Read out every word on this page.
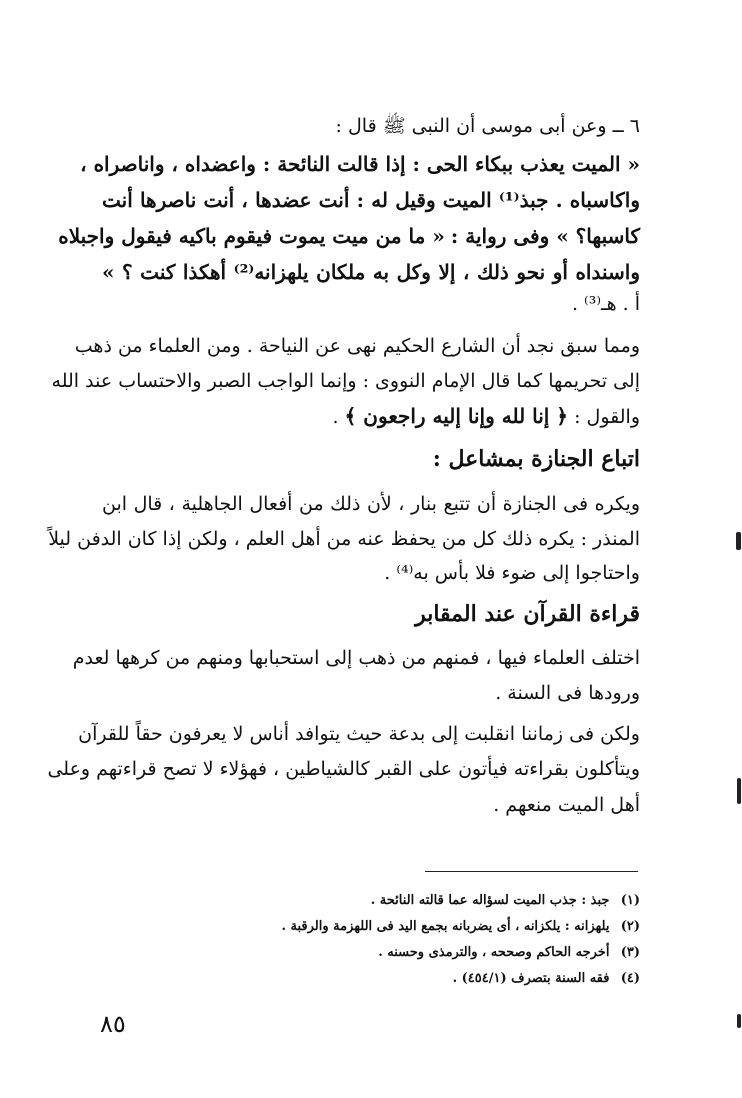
٦ ــ وعن أبى موسى أن النبى ﷺ قال :
« الميت يعذب ببكاء الحى : إذا قالت النائحة : واعضداه ، واناصراه ،
واكاسباه . جبذ⁽¹⁾ الميت وقيل له : أنت عضدها ، أنت ناصرها أنت
كاسبها؟ » وفى رواية : « ما من ميت يموت فيقوم باكيه فيقول واجبلاه
واسنداه أو نحو ذلك ، إلا وكل به ملكان يلهزانه⁽²⁾ أهكذا كنت ؟ »
أ . هـ⁽³⁾ .
ومما سبق نجد أن الشارع الحكيم نهى عن النياحة . ومن العلماء من ذهب
إلى تحريمها كما قال الإمام النووى : وإنما الواجب الصبر والاحتساب عند الله
والقول : ﴿ إنا لله وإنا إليه راجعون ﴾ .
اتباع الجنازة بمشاعل :
ويكره فى الجنازة أن تتبع بنار ، لأن ذلك من أفعال الجاهلية ، قال ابن
المنذر : يكره ذلك كل من يحفظ عنه من أهل العلم ، ولكن إذا كان الدفن ليلاً
واحتاجوا إلى ضوء فلا بأس به⁽⁴⁾ .
قراءة القرآن عند المقابر
اختلف العلماء فيها ، فمنهم من ذهب إلى استحبابها ومنهم من كرهها لعدم
ورودها فى السنة .
ولكن فى زماننا انقلبت إلى بدعة حيث يتوافد أناس لا يعرفون حقاً للقرآن
ويتأكلون بقراءته فيأتون على القبر كالشياطين ، فهؤلاء لا تصح قراءتهم وعلى
أهل الميت منعهم .
(١) جبذ : جذب الميت لسؤاله عما قالته النائحة .
(٢) يلهزانه : يلكزانه ، أى يضربانه بجمع اليد فى اللهزمة والرقبة .
(٣) أخرجه الحاكم وصححه ، والترمذى وحسنه .
(٤) فقه السنة بتصرف (٤٥٤/١) .
٨٥
